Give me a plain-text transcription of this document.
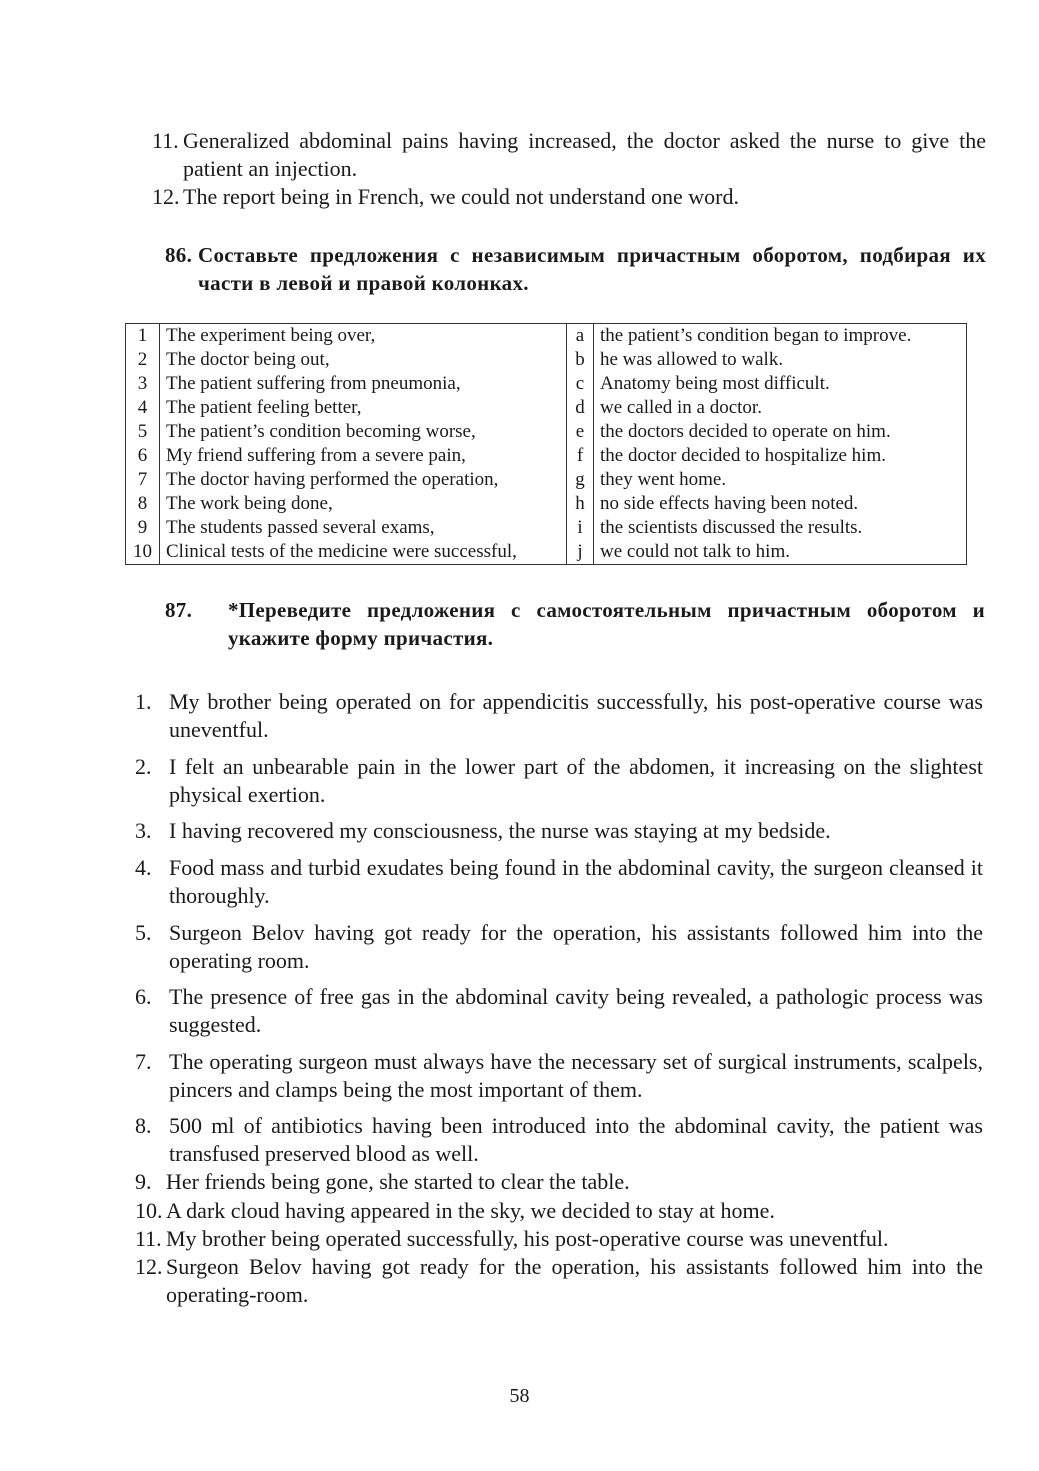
11. Generalized abdominal pains having increased, the doctor asked the nurse to give the patient an injection.
12. The report being in French, we could not understand one word.
86. Составьте предложения с независимым причастным оборотом, подбирая их части в левой и правой колонках.
1	The experiment being over,	a	the patient’s condition began to improve.
2	The doctor being out,	b	he was allowed to walk.
3	The patient suffering from pneumonia,	c	Anatomy being most difficult.
4	The patient feeling better,	d	we called in a doctor.
5	The patient’s condition becoming worse,	e	the doctors decided to operate on him.
6	My friend suffering from a severe pain,	f	the doctor decided to hospitalize him.
7	The doctor having performed the operation,	g	they went home.
8	The work being done,	h	no side effects having been noted.
9	The students passed several exams,	i	the scientists discussed the results.
10	Clinical tests of the medicine were successful,	j	we could not talk to him.
87. *Переведите предложения с самостоятельным причастным оборотом и укажите форму причастия.
1. My brother being operated on for appendicitis successfully, his post-operative course was uneventful.
2. I felt an unbearable pain in the lower part of the abdomen, it increasing on the slightest physical exertion.
3. I having recovered my consciousness, the nurse was staying at my bedside.
4. Food mass and turbid exudates being found in the abdominal cavity, the surgeon cleansed it thoroughly.
5. Surgeon Belov having got ready for the operation, his assistants followed him into the operating room.
6. The presence of free gas in the abdominal cavity being revealed, a pathologic process was suggested.
7. The operating surgeon must always have the necessary set of surgical instruments, scalpels, pincers and clamps being the most important of them.
8. 500 ml of antibiotics having been introduced into the abdominal cavity, the patient was transfused preserved blood as well.
9. Her friends being gone, she started to clear the table.
10. A dark cloud having appeared in the sky, we decided to stay at home.
11. My brother being operated successfully, his post-operative course was uneventful.
12. Surgeon Belov having got ready for the operation, his assistants followed him into the operating-room.
58
